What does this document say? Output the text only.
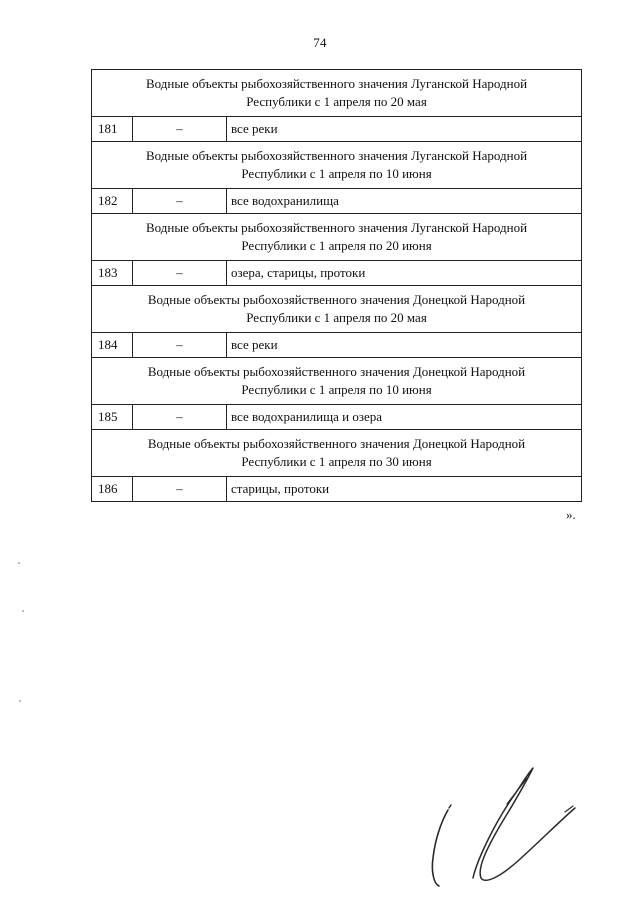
74
Водные объекты рыбохозяйственного значения Луганской Народной
Республики с 1 апреля по 20 мая		
181	–	все реки
Водные объекты рыбохозяйственного значения Луганской Народной
Республики с 1 апреля по 10 июня		
182	–	все водохранилища
Водные объекты рыбохозяйственного значения Луганской Народной
Республики с 1 апреля по 20 июня		
183	–	озера, старицы, протоки
Водные объекты рыбохозяйственного значения Донецкой Народной
Республики с 1 апреля по 20 мая		
184	–	все реки
Водные объекты рыбохозяйственного значения Донецкой Народной
Республики с 1 апреля по 10 июня		
185	–	все водохранилища и озера
Водные объекты рыбохозяйственного значения Донецкой Народной
Республики с 1 апреля по 30 июня		
186	–	старицы, протоки
».
